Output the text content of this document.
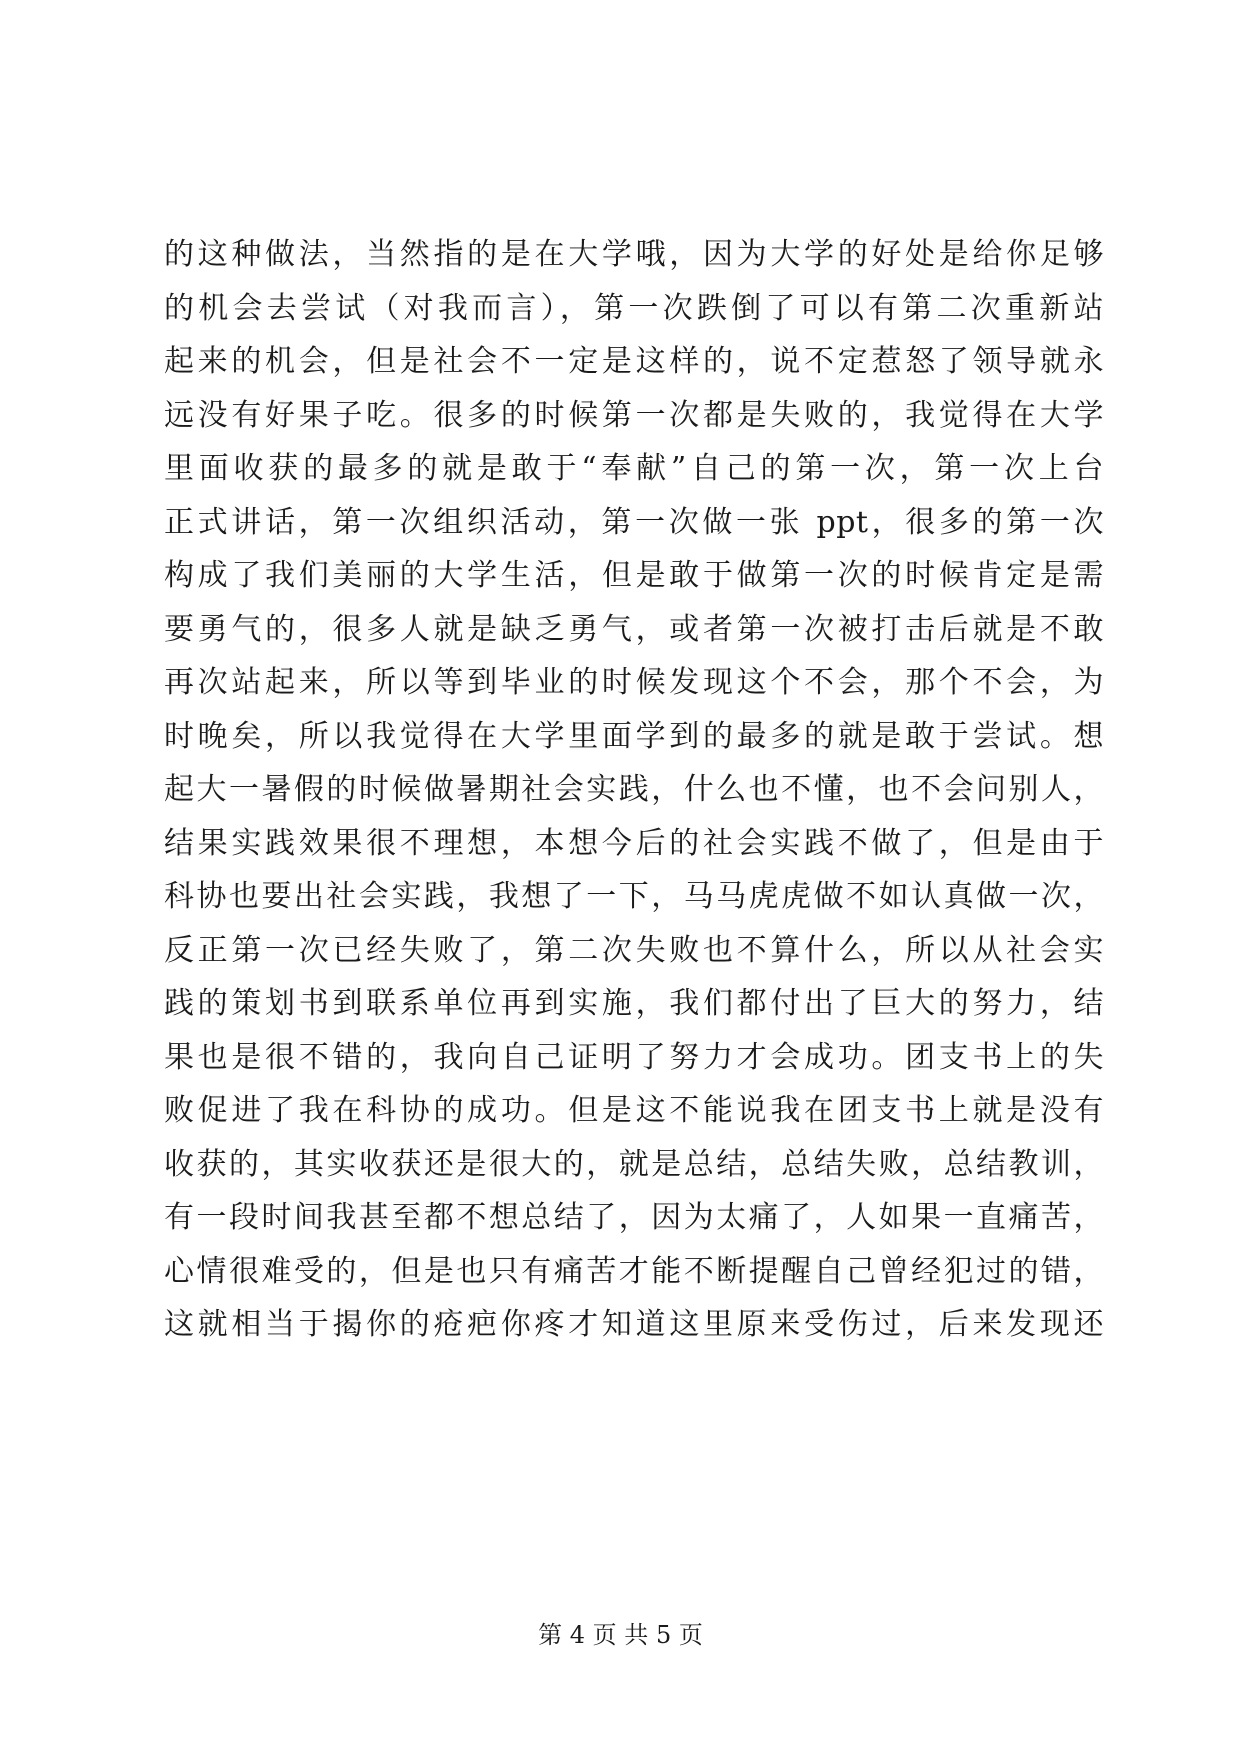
的这种做法，当然指的是在大学哦，因为大学的好处是给你足够
的机会去尝试（对我而言），第一次跌倒了可以有第二次重新站
起来的机会，但是社会不一定是这样的，说不定惹怒了领导就永
远没有好果子吃。很多的时候第一次都是失败的，我觉得在大学
里面收获的最多的就是敢于“奉献”自己的第一次，第一次上台
正式讲话，第一次组织活动，第一次做一张 ppt，很多的第一次
构成了我们美丽的大学生活，但是敢于做第一次的时候肯定是需
要勇气的，很多人就是缺乏勇气，或者第一次被打击后就是不敢
再次站起来，所以等到毕业的时候发现这个不会，那个不会，为
时晚矣，所以我觉得在大学里面学到的最多的就是敢于尝试。想
起大一暑假的时候做暑期社会实践，什么也不懂，也不会问别人，
结果实践效果很不理想，本想今后的社会实践不做了，但是由于
科协也要出社会实践，我想了一下，马马虎虎做不如认真做一次，
反正第一次已经失败了，第二次失败也不算什么，所以从社会实
践的策划书到联系单位再到实施，我们都付出了巨大的努力，结
果也是很不错的，我向自己证明了努力才会成功。团支书上的失
败促进了我在科协的成功。但是这不能说我在团支书上就是没有
收获的，其实收获还是很大的，就是总结，总结失败，总结教训，
有一段时间我甚至都不想总结了，因为太痛了，人如果一直痛苦，
心情很难受的，但是也只有痛苦才能不断提醒自己曾经犯过的错，
这就相当于揭你的疮疤你疼才知道这里原来受伤过，后来发现还
第 4 页 共 5 页
